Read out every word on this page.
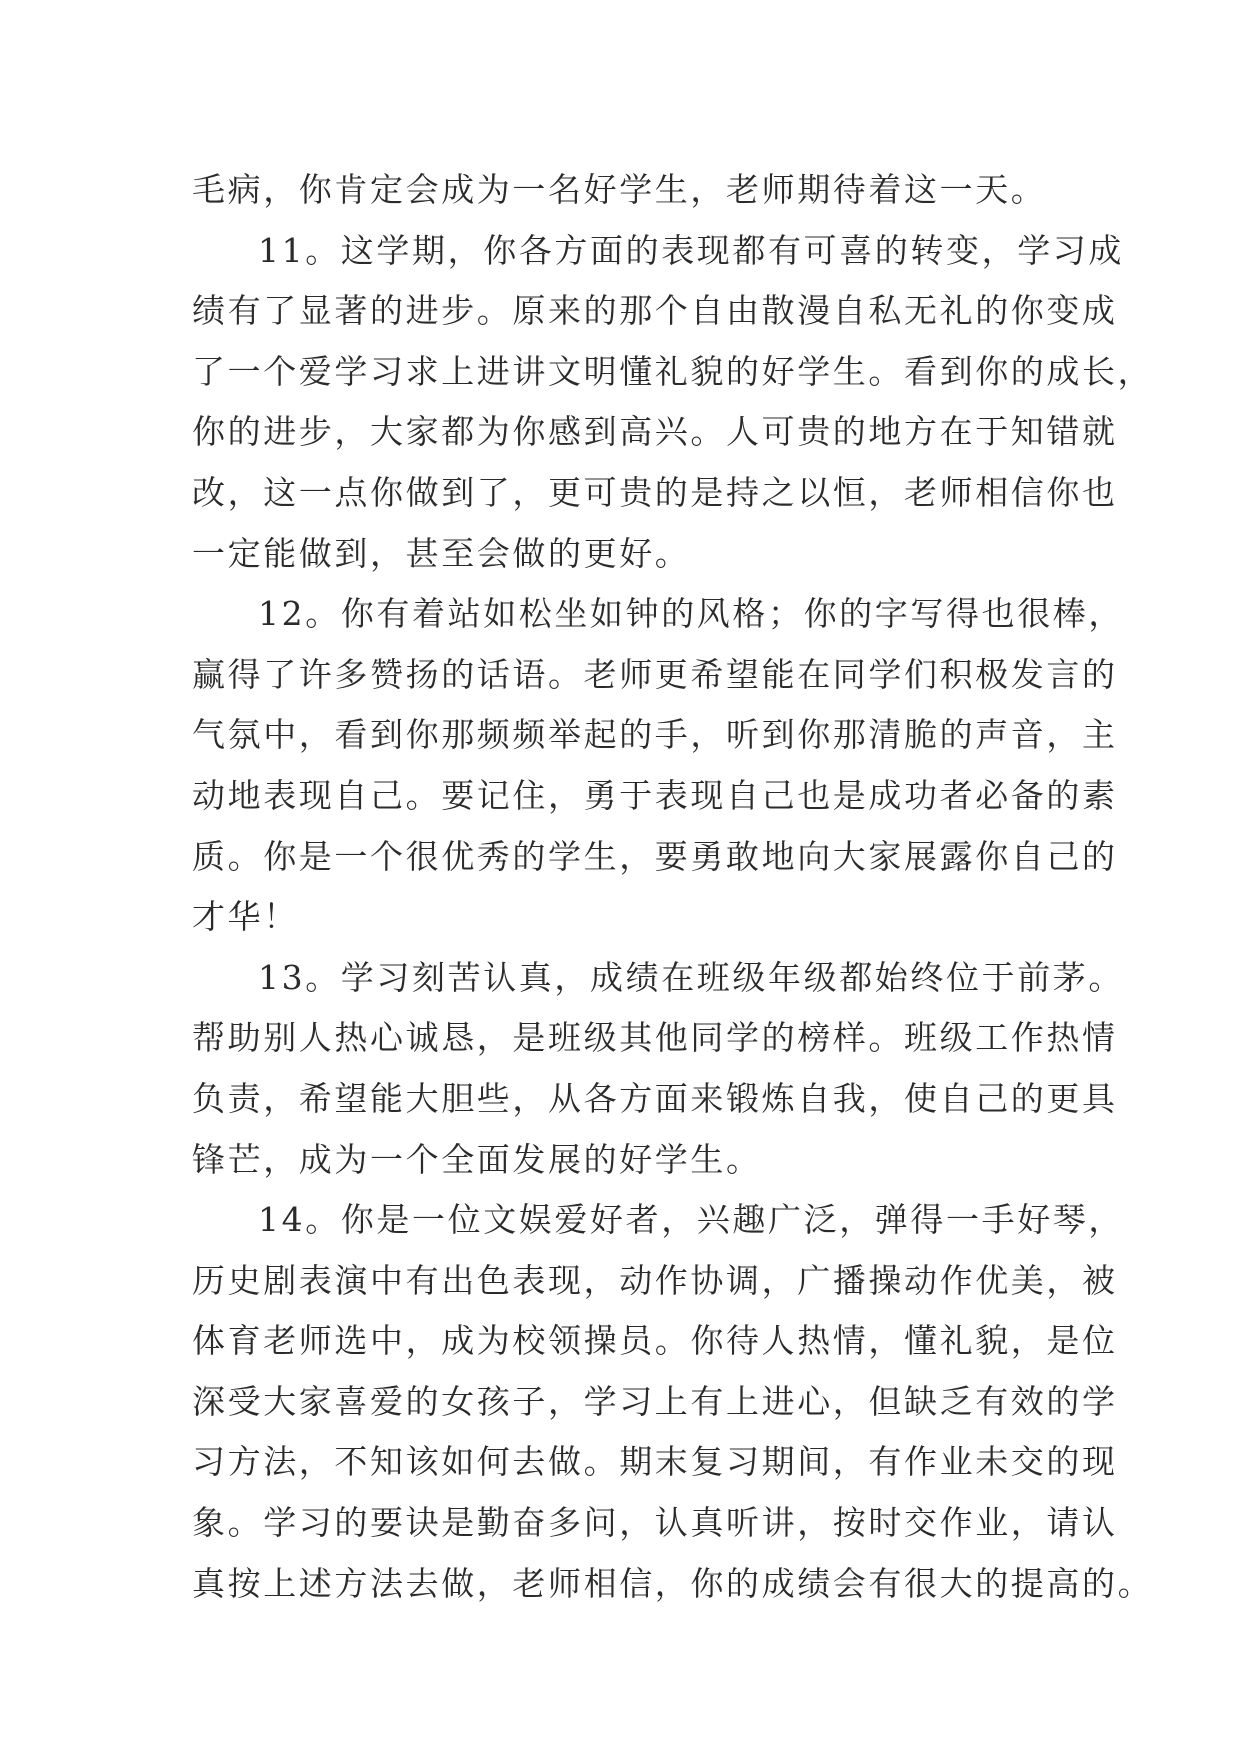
毛病，你肯定会成为一名好学生，老师期待着这一天。
11。这学期，你各方面的表现都有可喜的转变，学习成
绩有了显著的进步。原来的那个自由散漫自私无礼的你变成
了一个爱学习求上进讲文明懂礼貌的好学生。看到你的成长，
你的进步，大家都为你感到高兴。人可贵的地方在于知错就
改，这一点你做到了，更可贵的是持之以恒，老师相信你也
一定能做到，甚至会做的更好。
12。你有着站如松坐如钟的风格；你的字写得也很棒，
赢得了许多赞扬的话语。老师更希望能在同学们积极发言的
气氛中，看到你那频频举起的手，听到你那清脆的声音，主
动地表现自己。要记住，勇于表现自己也是成功者必备的素
质。你是一个很优秀的学生，要勇敢地向大家展露你自己的
才华！
13。学习刻苦认真，成绩在班级年级都始终位于前茅。
帮助别人热心诚恳，是班级其他同学的榜样。班级工作热情
负责，希望能大胆些，从各方面来锻炼自我，使自己的更具
锋芒，成为一个全面发展的好学生。
14。你是一位文娱爱好者，兴趣广泛，弹得一手好琴，
历史剧表演中有出色表现，动作协调，广播操动作优美，被
体育老师选中，成为校领操员。你待人热情，懂礼貌，是位
深受大家喜爱的女孩子，学习上有上进心，但缺乏有效的学
习方法，不知该如何去做。期末复习期间，有作业未交的现
象。学习的要诀是勤奋多问，认真听讲，按时交作业，请认
真按上述方法去做，老师相信，你的成绩会有很大的提高的。
